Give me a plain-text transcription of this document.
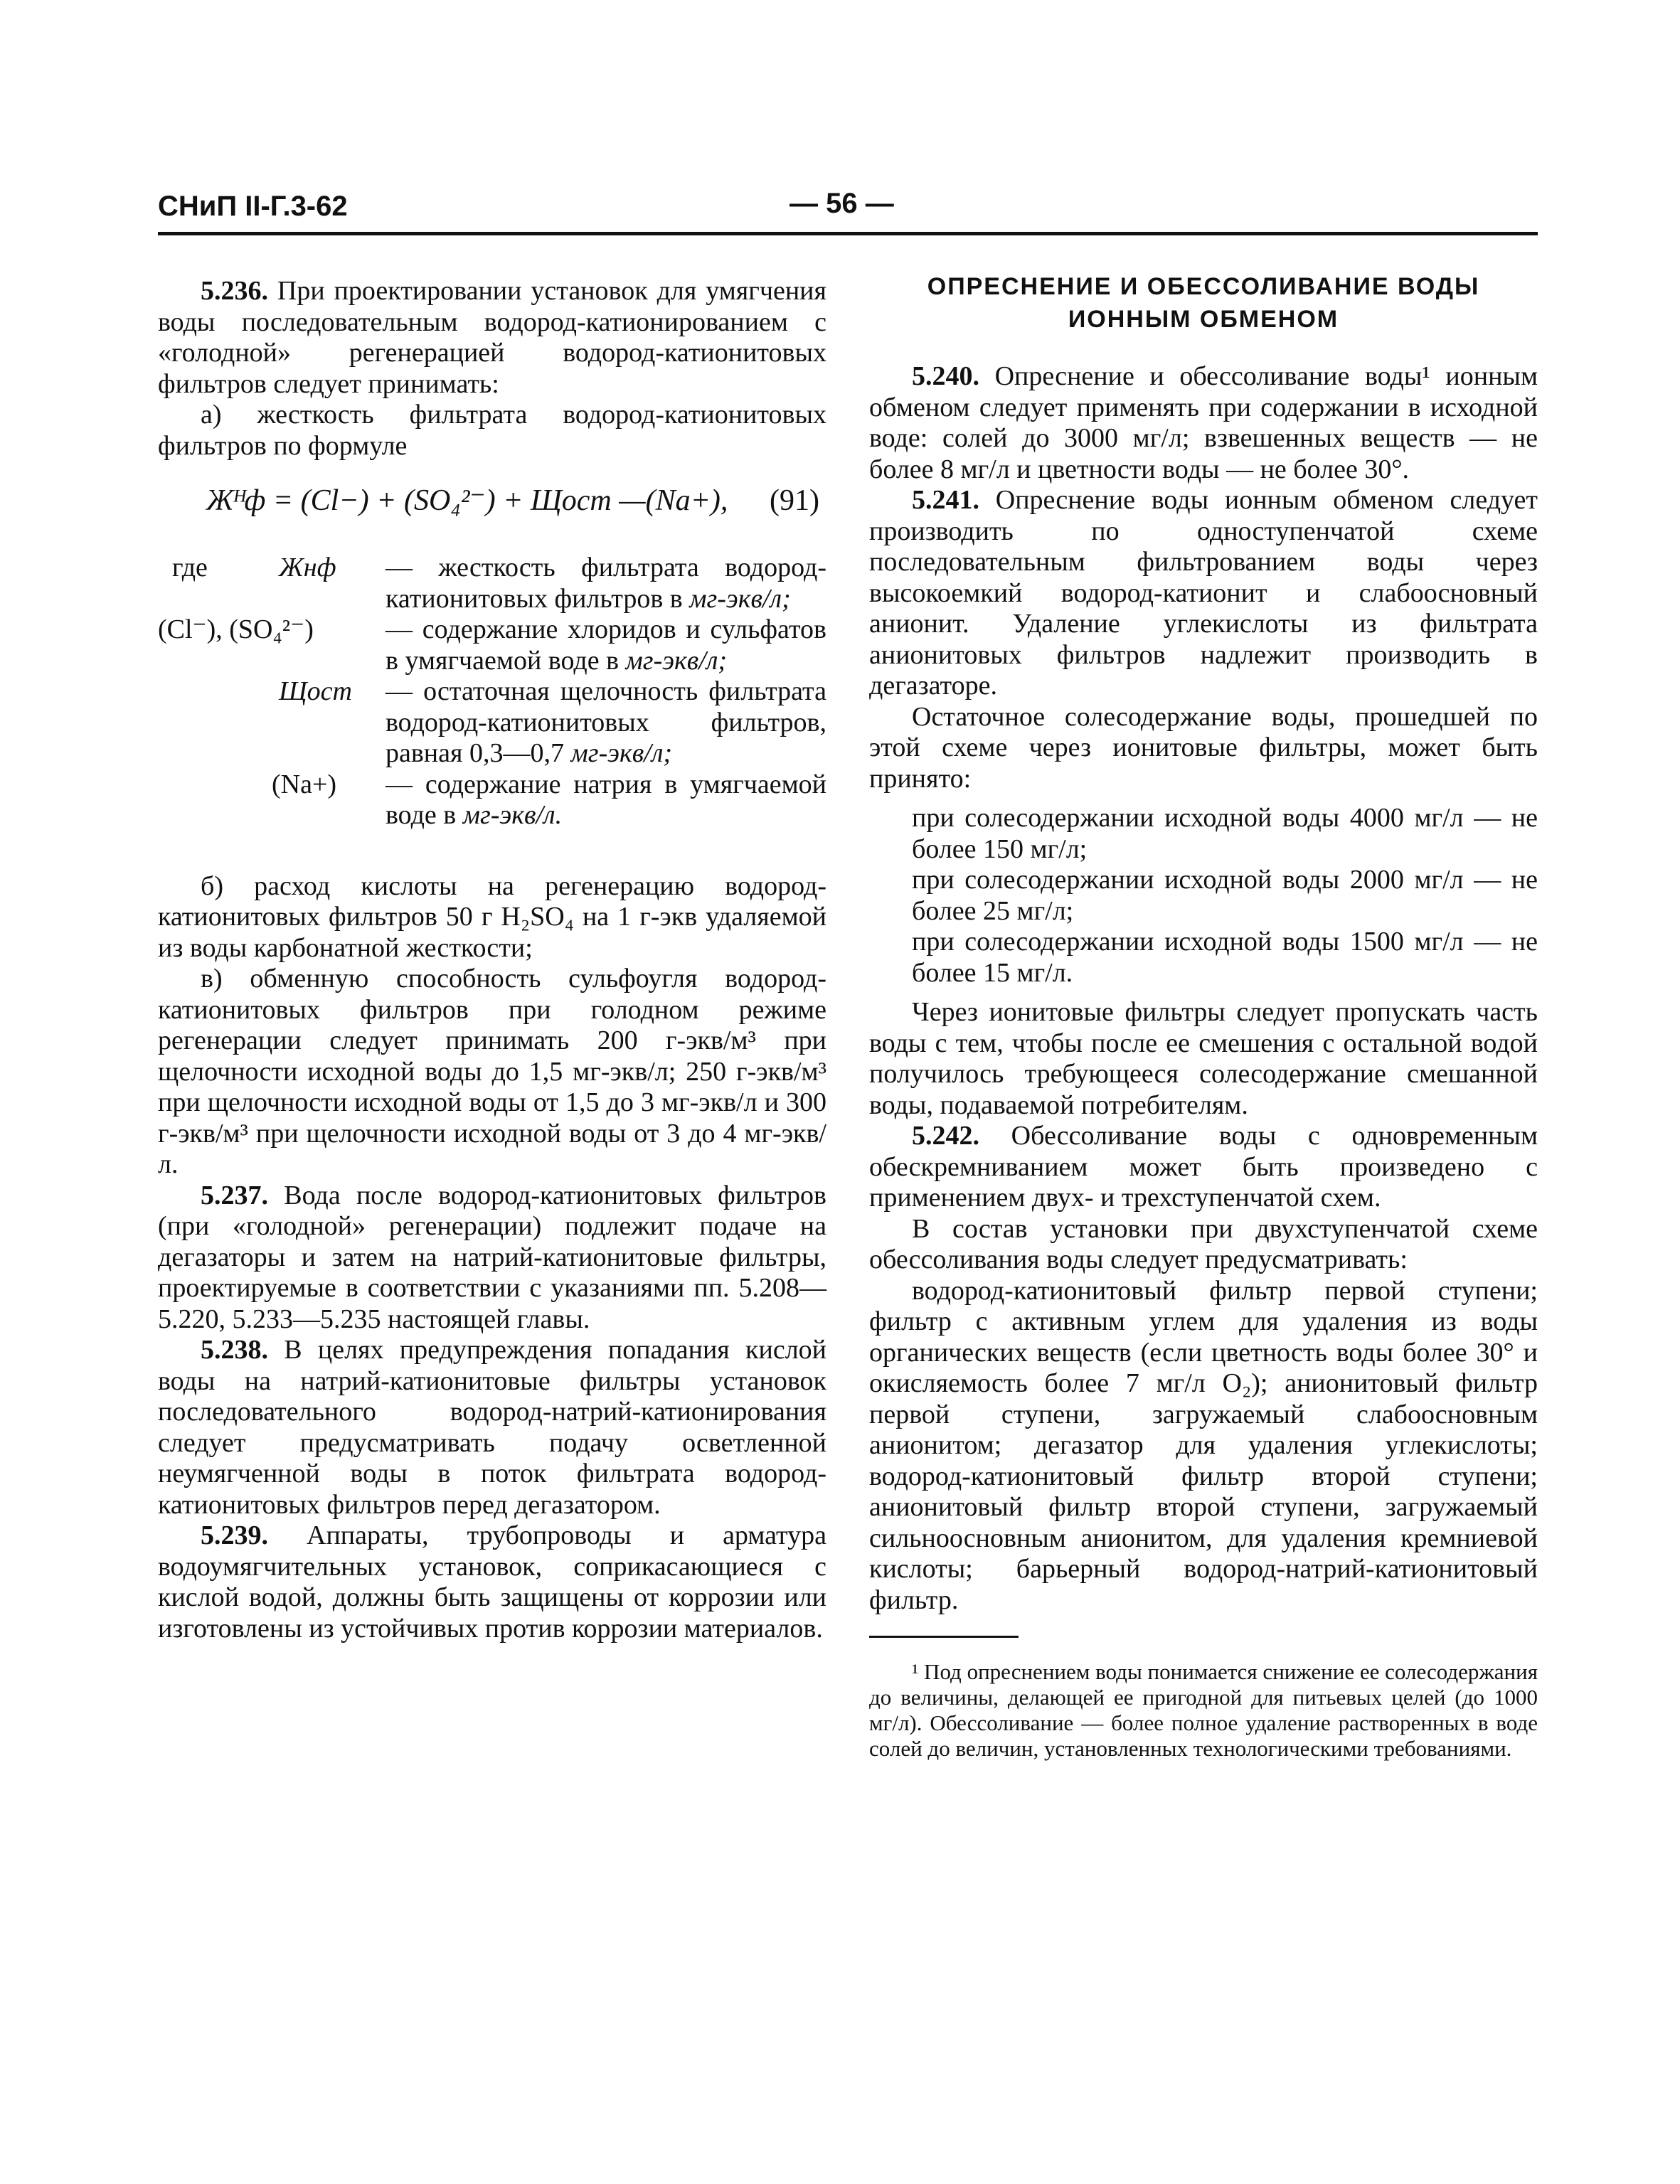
СНиП II-Г.3-62	— 56 —

5.236. При проектировании установок для умягчения воды последовательным водород-катионированием с «голодной» регенерацией водород-катионитовых фильтров следует принимать:

а) жесткость фильтрата водород-катионитовых фильтров по формуле

Жᴴф = (Cl−) + (SO₄²⁻) + Щост —(Na+), (91)
где	Жнф — жесткость фильтрата водород-катионитовых фильтров в мг-экв/л;
(Cl⁻), (SO₄²⁻)	— содержание хлоридов и сульфатов в умягчаемой воде в мг-экв/л;
Щост — остаточная щелочность фильтрата водород-катионитовых фильтров, равная 0,3—0,7 мг-экв/л;
(Na+) — содержание натрия в умягчаемой воде в мг-экв/л.

б) расход кислоты на регенерацию водород-катионитовых фильтров 50 г H₂SO₄ на 1 г-экв удаляемой из воды карбонатной жесткости;

в) обменную способность сульфоугля водород-катионитовых фильтров при голодном режиме регенерации следует принимать 200 г-экв/м³ при щелочности исходной воды до 1,5 мг-экв/л; 250 г-экв/м³ при щелочности исходной воды от 1,5 до 3 мг-экв/л и 300 г-экв/м³ при щелочности исходной воды от 3 до 4 мг-экв/л.

5.237. Вода после водород-катионитовых фильтров (при «голодной» регенерации) подлежит подаче на дегазаторы и затем на натрий-катионитовые фильтры, проектируемые в соответствии с указаниями пп. 5.208—5.220, 5.233—5.235 настоящей главы.

5.238. В целях предупреждения попадания кислой воды на натрий-катионитовые фильтры установок последовательного водород-натрий-катионирования следует предусматривать подачу осветленной неумягченной воды в поток фильтрата водород-катионитовых фильтров перед дегазатором.

5.239. Аппараты, трубопроводы и арматура водоумягчительных установок, соприкасающиеся с кислой водой, должны быть защищены от коррозии или изготовлены из устойчивых против коррозии материалов.

ОПРЕСНЕНИЕ И ОБЕССОЛИВАНИЕ ВОДЫ
ИОННЫМ ОБМЕНОМ

5.240. Опреснение и обессоливание воды¹ ионным обменом следует применять при содержании в исходной воде: солей до 3000 мг/л; взвешенных веществ — не более 8 мг/л и цветности воды — не более 30°.

5.241. Опреснение воды ионным обменом следует производить по одноступенчатой схеме последовательным фильтрованием воды через высокоемкий водород-катионит и слабоосновный анионит. Удаление углекислоты из фильтрата анионитовых фильтров надлежит производить в дегазаторе.

Остаточное солесодержание воды, прошедшей по этой схеме через ионитовые фильтры, может быть принято:

при солесодержании исходной воды 4000 мг/л — не более 150 мг/л;

при солесодержании исходной воды 2000 мг/л — не более 25 мг/л;

при солесодержании исходной воды 1500 мг/л — не более 15 мг/л.

Через ионитовые фильтры следует пропускать часть воды с тем, чтобы после ее смешения с остальной водой получилось требующееся солесодержание смешанной воды, подаваемой потребителям.

5.242. Обессоливание воды с одновременным обескремниванием может быть произведено с применением двух- и трехступенчатой схем.

В состав установки при двухступенчатой схеме обессоливания воды следует предусматривать:

водород-катионитовый фильтр первой ступени; фильтр с активным углем для удаления из воды органических веществ (если цветность воды более 30° и окисляемость более 7 мг/л O₂); анионитовый фильтр первой ступени, загружаемый слабоосновным анионитом; дегазатор для удаления углекислоты; водород-катионитовый фильтр второй ступени; анионитовый фильтр второй ступени, загружаемый сильноосновным анионитом, для удаления кремниевой кислоты; барьерный водород-натрий-катионитовый фильтр.

¹ Под опреснением воды понимается снижение ее солесодержания до величины, делающей ее пригодной для питьевых целей (до 1000 мг/л). Обессоливание — более полное удаление растворенных в воде солей до величин, установленных технологическими требованиями.
